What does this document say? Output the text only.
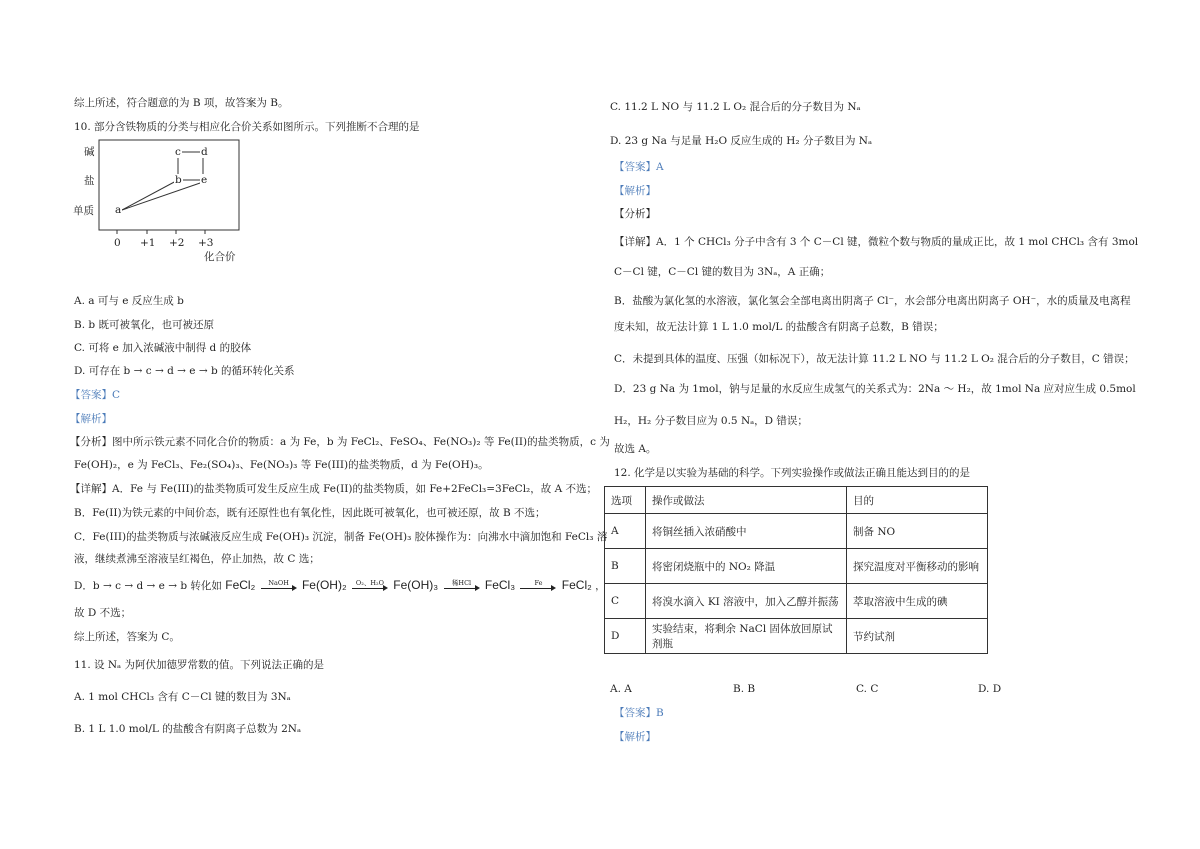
综上所述，符合题意的为 B 项，故答案为 B。
10. 部分含铁物质的分类与相应化合价关系如图所示。下列推断不合理的是
碱
盐
单质
c d
b e
a
0 +1 +2 +3
化合价
A. a 可与 e 反应生成 b
B. b 既可被氧化，也可被还原
C. 可将 e 加入浓碱液中制得 d 的胶体
D. 可存在 b → c → d → e → b 的循环转化关系
【答案】C
【解析】
【分析】图中所示铁元素不同化合价的物质：a 为 Fe，b 为 FeCl₂、FeSO₄、Fe(NO₃)₂ 等 Fe(II)的盐类物质，c 为
Fe(OH)₂，e 为 FeCl₃、Fe₂(SO₄)₃、Fe(NO₃)₃ 等 Fe(III)的盐类物质，d 为 Fe(OH)₃。
【详解】A．Fe 与 Fe(III)的盐类物质可发生反应生成 Fe(II)的盐类物质，如 Fe+2FeCl₃=3FeCl₂，故 A 不选；
B．Fe(II)为铁元素的中间价态，既有还原性也有氧化性，因此既可被氧化，也可被还原，故 B 不选；
C．Fe(III)的盐类物质与浓碱液反应生成 Fe(OH)₃ 沉淀，制备 Fe(OH)₃ 胶体操作为：向沸水中滴加饱和 FeCl₃ 溶
液，继续煮沸至溶液呈红褐色，停止加热，故 C 选；
D．b → c → d → e → b 转化如 FeCl₂	NaOH	Fe(OH)₂	O₂、H₂O Fe(OH)₃	稀HCl	FeCl₃	Fe	FeCl₂ ，
故 D 不选；
综上所述，答案为 C。
11. 设 Nₐ 为阿伏加德罗常数的值。下列说法正确的是
A. 1 mol CHCl₃ 含有 C－Cl 键的数目为 3Nₐ
B. 1 L 1.0 mol/L 的盐酸含有阴离子总数为 2Nₐ
C. 11.2 L NO 与 11.2 L O₂ 混合后的分子数目为 Nₐ
D. 23 g Na 与足量 H₂O 反应生成的 H₂ 分子数目为 Nₐ
【答案】A
【解析】
【分析】
【详解】A．1 个 CHCl₃ 分子中含有 3 个 C－Cl 键，微粒个数与物质的量成正比，故 1 mol CHCl₃ 含有 3mol
C－Cl 键，C－Cl 键的数目为 3Nₐ，A 正确；
B．盐酸为氯化氢的水溶液，氯化氢会全部电离出阴离子 Cl⁻，水会部分电离出阴离子 OH⁻，水的质量及电离程
度未知，故无法计算 1 L 1.0 mol/L 的盐酸含有阴离子总数，B 错误；
C．未提到具体的温度、压强（如标况下），故无法计算 11.2 L NO 与 11.2 L O₂ 混合后的分子数目，C 错误；
D．23 g Na 为 1mol，钠与足量的水反应生成氢气的关系式为：2Na ～ H₂，故 1mol Na 应对应生成 0.5mol
H₂，H₂ 分子数目应为 0.5 Nₐ，D 错误；
故选 A。
12. 化学是以实验为基础的科学。下列实验操作或做法正确且能达到目的的是
选项	操作或做法	目的
A	将铜丝插入浓硝酸中	制备 NO
B	将密闭烧瓶中的 NO₂ 降温	探究温度对平衡移动的影响
C	将溴水滴入 KI 溶液中，加入乙醇并振荡	萃取溶液中生成的碘
D	实验结束，将剩余 NaCl 固体放回原试剂瓶	节约试剂
A. A	B. B	C. C	D. D
【答案】B
【解析】
